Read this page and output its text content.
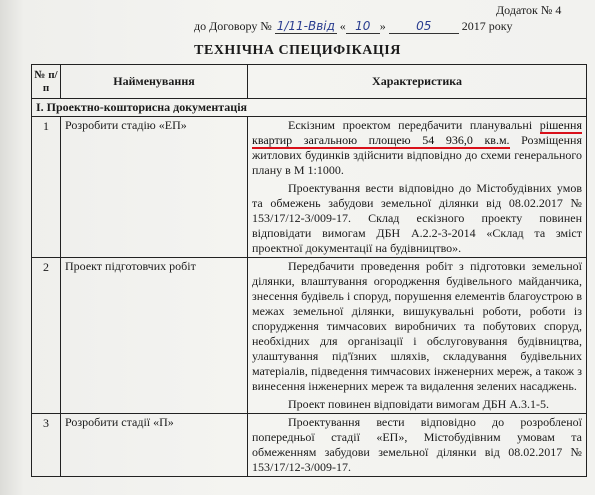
Додаток № 4
до Договору № 1/11-Ввід « 10 »	05	2017 року
ТЕХНІЧНА СПЕЦИФІКАЦІЯ
№ п/п	Найменування	Характеристика
І. Проектно-кошторисна документація		
1	Розробити стадію «ЕП»	Ескізним проектом передбачити планувальні рішення квартир загальною площею 54 936,0 кв.м. Розміщення житлових будинків здійснити відповідно до схеми генерального плану в М 1:1000.

Проектування вести відповідно до Містобудівних умов та обмежень забудови земельної ділянки від 08.02.2017 № 153/17/12-3/009-17. Склад ескізного проекту повинен відповідати вимогам ДБН А.2.2-3-2014 «Склад та зміст проектної документації на будівництво».

2	Проект підготовчих робіт	Передбачити проведення робіт з підготовки земельної ділянки, влаштування огородження будівельного майданчика, знесення будівель і споруд, порушення елементів благоустрою в межах земельної ділянки, вишукувальні роботи, роботи із спорудження тимчасових виробничих та побутових споруд, необхідних для організації і обслуговування будівництва, улаштування під'їзних шляхів, складування будівельних матеріалів, підведення тимчасових інженерних мереж, а також з винесення інженерних мереж та видалення зелених насаджень.

Проект повинен відповідати вимогам ДБН А.3.1-5.

3	Розробити стадії «П»	Проектування вести відповідно до розробленої попередньої стадії «ЕП», Містобудівним умовам та обмеженням забудови земельної ділянки від 08.02.2017 № 153/17/12-3/009-17.
